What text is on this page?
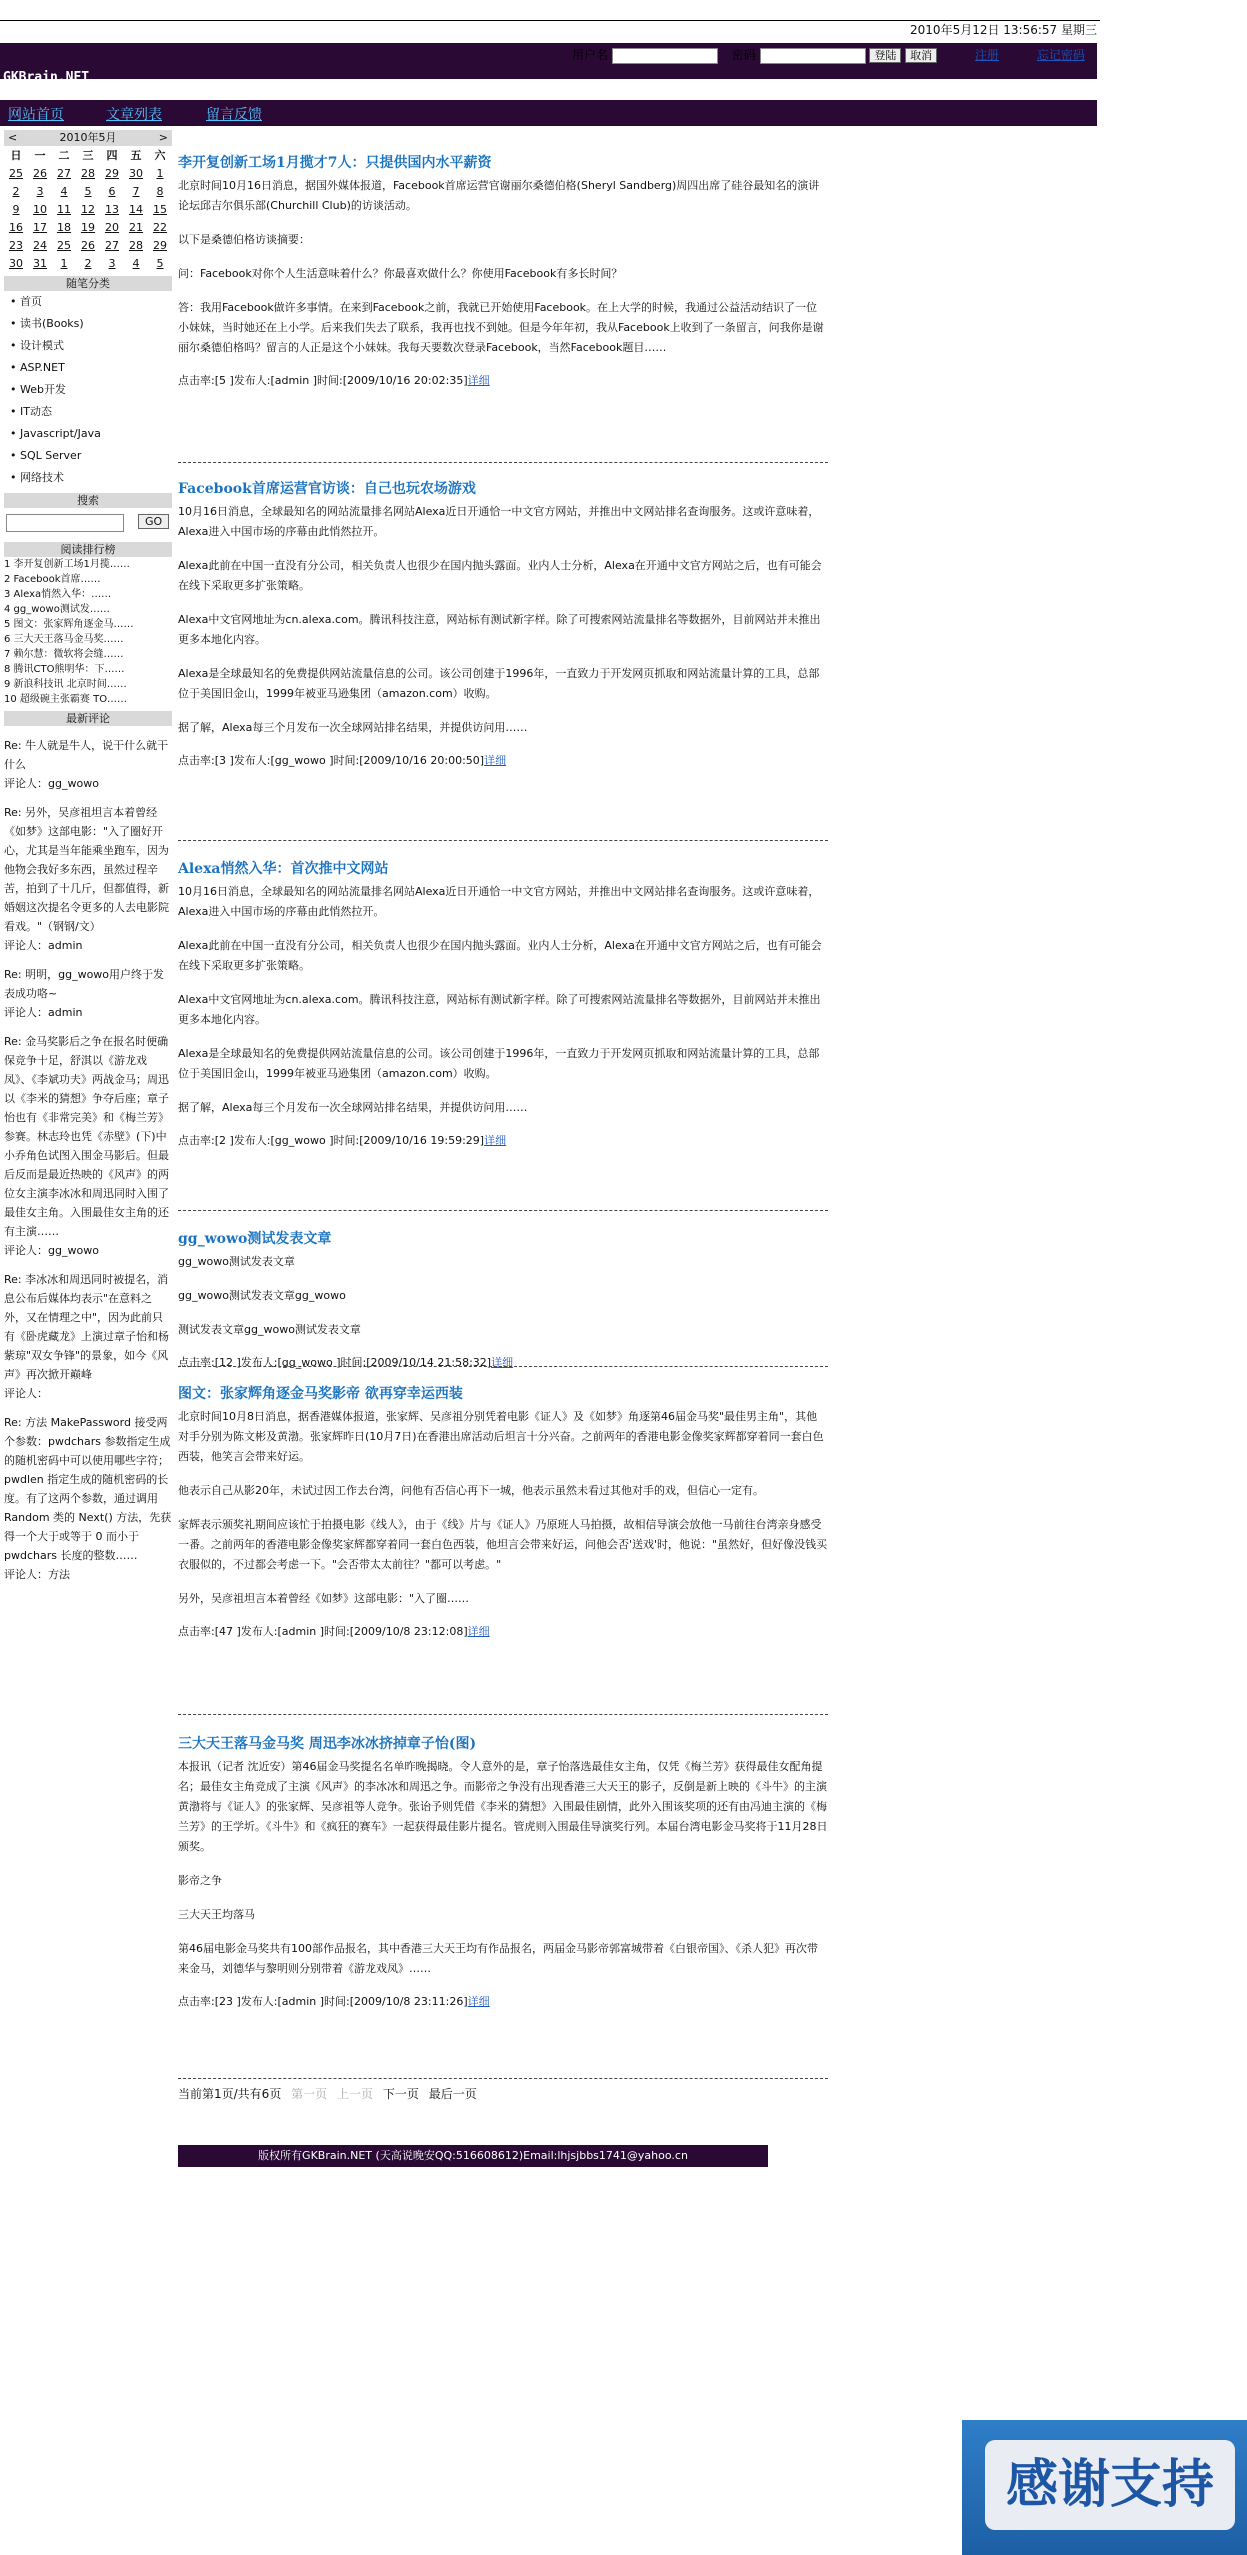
2010年5月12日 13:56:57 星期三
用户名	密码	登陆 取消	注册	忘记密码
GKBrain.NET
网站首页	文章列表	留言反馈
<	2010年5月	>
日	一	二	三	四	五	六
25	26	27	28	29	30	1
2	3	4	5	6	7	8
9	10	11	12	13	14	15
16	17	18	19	20	21	22
23	24	25	26	27	28	29
30	31	1	2	3	4	5
随笔分类
• 首页
• 读书(Books)
• 设计模式
• ASP.NET
• Web开发
• IT动态
• Javascript/Java
• SQL Server
• 网络技术
搜索
GO
阅读排行榜
1 李开复创新工场1月揽……
2 Facebook首席……
3 Alexa悄然入华：……
4 gg_wowo测试发……
5 图文：张家辉角逐金马……
6 三大天王落马金马奖……
7 赖尔慧：微软将会缝……
8 腾讯CTO熊明华：下……
9 新浪科技讯 北京时间……
10 超级碗主张霸赛 TO……
最新评论
Re: 牛人就是牛人，说干什么就干什么
评论人：gg_wowo
Re: 另外，吴彦祖坦言本着曾经《如梦》这部电影："入了圈好开心，尤其是当年能乘坐跑车，因为他物会我好多东西，虽然过程辛苦，拍到了十几斤，但都值得，新婚姻这次提名令更多的人去电影院看戏。"（钢钢/文）
评论人：admin
Re: 明明，gg_wowo用户终于发表成功咯~
评论人：admin
Re: 金马奖影后之争在报名时便确保竞争十足，舒淇以《游龙戏凤》、《李斌功夫》两战金马；周迅以《李米的猜想》争夺后座；章子怡也有《非常完美》和《梅兰芳》参赛。林志玲也凭《赤壁》(下)中小乔角色试图入围金马影后。但最后反而是最近热映的《风声》的两位女主演李冰冰和周迅同时入围了最佳女主角。入围最佳女主角的还有主演……
评论人：gg_wowo
Re: 李冰冰和周迅同时被提名，消息公布后媒体均表示"在意料之外，又在情理之中"，因为此前只有《卧虎藏龙》上演过章子怡和杨紫琼"双女争锋"的景象，如今《风声》再次掀开巅峰
评论人：
Re: 方法 MakePassword 接受两个参数：pwdchars 参数指定生成的随机密码中可以使用哪些字符；pwdlen 指定生成的随机密码的长度。有了这两个参数，通过调用 Random 类的 Next() 方法，先获得一个大于或等于 0 而小于 pwdchars 长度的整数……
评论人：方法
李开复创新工场1月揽才7人：只提供国内水平薪资

北京时间10月16日消息，据国外媒体报道，Facebook首席运营官谢丽尔桑德伯格(Sheryl Sandberg)周四出席了硅谷最知名的演讲论坛邱吉尔俱乐部(Churchill Club)的访谈活动。

以下是桑德伯格访谈摘要：

问：Facebook对你个人生活意味着什么？你最喜欢做什么？你使用Facebook有多长时间？

答：我用Facebook做许多事情。在来到Facebook之前，我就已开始使用Facebook。在上大学的时候，我通过公益活动结识了一位小妹妹，当时她还在上小学。后来我们失去了联系，我再也找不到她。但是今年年初，我从Facebook上收到了一条留言，问我你是谢丽尔桑德伯格吗？留言的人正是这个小妹妹。我每天要数次登录Facebook，当然Facebook题目……

点击率:[5 ]发布人:[admin ]时间:[2009/10/16 20:02:35]详细
Facebook首席运营官访谈：自己也玩农场游戏

10月16日消息，全球最知名的网站流量排名网站Alexa近日开通恰一中文官方网站，并推出中文网站排名查询服务。这或许意味着，Alexa进入中国市场的序幕由此悄然拉开。

Alexa此前在中国一直没有分公司，相关负责人也很少在国内抛头露面。业内人士分析，Alexa在开通中文官方网站之后，也有可能会在线下采取更多扩张策略。

Alexa中文官网地址为cn.alexa.com。腾讯科技注意，网站标有测试新字样。除了可搜索网站流量排名等数据外，目前网站并未推出更多本地化内容。

Alexa是全球最知名的免费提供网站流量信息的公司。该公司创建于1996年，一直致力于开发网页抓取和网站流量计算的工具，总部位于美国旧金山，1999年被亚马逊集团（amazon.com）收购。

据了解，Alexa每三个月发布一次全球网站排名结果，并提供访问用……

点击率:[3 ]发布人:[gg_wowo ]时间:[2009/10/16 20:00:50]详细
Alexa悄然入华：首次推中文网站

10月16日消息，全球最知名的网站流量排名网站Alexa近日开通恰一中文官方网站，并推出中文网站排名查询服务。这或许意味着，Alexa进入中国市场的序幕由此悄然拉开。

Alexa此前在中国一直没有分公司，相关负责人也很少在国内抛头露面。业内人士分析，Alexa在开通中文官方网站之后，也有可能会在线下采取更多扩张策略。

Alexa中文官网地址为cn.alexa.com。腾讯科技注意，网站标有测试新字样。除了可搜索网站流量排名等数据外，目前网站并未推出更多本地化内容。

Alexa是全球最知名的免费提供网站流量信息的公司。该公司创建于1996年，一直致力于开发网页抓取和网站流量计算的工具，总部位于美国旧金山，1999年被亚马逊集团（amazon.com）收购。

据了解，Alexa每三个月发布一次全球网站排名结果，并提供访问用……

点击率:[2 ]发布人:[gg_wowo ]时间:[2009/10/16 19:59:29]详细
gg_wowo测试发表文章

gg_wowo测试发表文章

gg_wowo测试发表文章gg_wowo

测试发表文章gg_wowo测试发表文章

点击率:[12 ]发布人:[gg_wowo ]时间:[2009/10/14 21:58:32]详细
图文：张家辉角逐金马奖影帝 欲再穿幸运西装

北京时间10月8日消息，据香港媒体报道，张家辉、吴彦祖分别凭着电影《证人》及《如梦》角逐第46届金马奖"最佳男主角"，其他对手分别为陈文彬及黄渤。张家辉昨日(10月7日)在香港出席活动后坦言十分兴奋。之前两年的香港电影金像奖家辉都穿着同一套白色西装，他笑言会带来好运。

他表示自己从影20年，未试过因工作去台湾，问他有否信心再下一城，他表示虽然未看过其他对手的戏，但信心一定有。

家辉表示颁奖礼期间应该忙于拍摄电影《线人》，由于《线》片与《证人》乃原班人马拍摄，故相信导演会放他一马前往台湾亲身感受一番。之前两年的香港电影金像奖家辉都穿着同一套白色西装，他坦言会带来好运，问他会否'送戏'时，他说："虽然好，但好像没钱买衣服似的，不过都会考虑一下。"会否带太太前往？"都可以考虑。"

另外，吴彦祖坦言本着曾经《如梦》这部电影："入了圈……

点击率:[47 ]发布人:[admin ]时间:[2009/10/8 23:12:08]详细
三大天王落马金马奖 周迅李冰冰挤掉章子怡(图)

本报讯（记者 沈近安）第46届金马奖提名名单昨晚揭晓。令人意外的是，章子怡落选最佳女主角，仅凭《梅兰芳》获得最佳女配角提名；最佳女主角竞成了主演《风声》的李冰冰和周迅之争。而影帝之争没有出现香港三大天王的影子，反倒是新上映的《斗牛》的主演黄渤将与《证人》的张家辉、吴彦祖等人竞争。张诒予则凭借《李米的猜想》入围最佳剧情，此外入围该奖项的还有由冯迪主演的《梅兰芳》的王学圻。《斗牛》和《疯狂的赛车》一起获得最佳影片提名。管虎则入围最佳导演奖行列。本届台湾电影金马奖将于11月28日颁奖。

影帝之争

三大天王均落马

第46届电影金马奖共有100部作品报名，其中香港三大天王均有作品报名，两届金马影帝郭富城带着《白银帝国》、《杀人犯》再次带来金马，刘德华与黎明则分别带着《游龙戏凤》……

点击率:[23 ]发布人:[admin ]时间:[2009/10/8 23:11:26]详细
当前第1页/共有6页 第一页 上一页 下一页 最后一页
版权所有GKBrain.NET (天高说晚安QQ:516608612)Email:lhjsjbbs1741@yahoo.cn
感谢支持
